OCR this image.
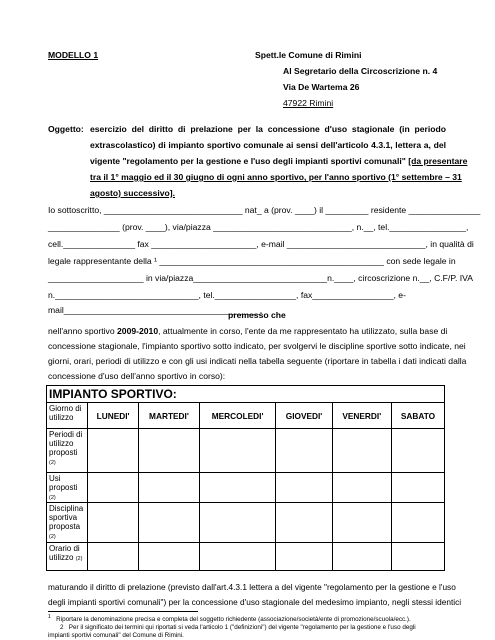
MODELLO 1	Spett.le Comune di Rimini
Al Segretario della Circoscrizione n. 4
Via De Wartema 26
47922 Rimini
Oggetto: esercizio del diritto di prelazione per la concessione d'uso stagionale (in periodo
extrascolastico) di impianto sportivo comunale ai sensi dell'articolo 4.3.1, lettera a, del
vigente "regolamento per la gestione e l'uso degli impianti sportivi comunali" [da presentare
tra il 1° maggio ed il 30 giugno di ogni anno sportivo, per l'anno sportivo (1° settembre – 31
agosto) successivo].
Io sottoscritto, _____________________________ nat_ a (prov. ____) il _________ residente _______________
_______________ (prov. ____), via/piazza _____________________________, n.__, tel.________________,
cell._______________ fax ______________________, e-mail _____________________________, in qualità di
legale rappresentante della ¹ _______________________________________________ con sede legale in
____________________ in via/piazza____________________________n.____, circoscrizione n.__, C.F/P. IVA
n.______________________________, tel._________________, fax_________________, e-
mail_________________________________________,
premesso che
nell'anno sportivo 2009-2010, attualmente in corso, l'ente da me rappresentato ha utilizzato, sulla base di
concessione stagionale, l'impianto sportivo sotto indicato, per svolgervi le discipline sportive sotto indicate, nei
giorni, orari, periodi di utilizzo e con gli usi indicati nella tabella seguente (riportare in tabella i dati indicati dalla
concessione d'uso dell'anno sportivo in corso):
IMPIANTO SPORTIVO:						
Giorno di utilizzo	LUNEDI'	MARTEDI'	MERCOLEDI'	GIOVEDI'	VENERDI'	SABATO
Periodi di utilizzo proposti (2)						
Usi proposti
(2)						
Disciplina sportiva proposta (2)						
Orario di utilizzo (2)						
maturando il diritto di prelazione (previsto dall'art.4.3.1 lettera a del vigente "regolamento per la gestione e l'uso
degli impianti sportivi comunali") per la concessione d'uso stagionale del medesimo impianto, negli stessi identici
$^1$ Riportare la denominazione precisa e completa del soggetto richiedente (associazione/società/ente di promozione/scuola/ecc.).
2 Per il significato dei termini qui riportati si veda l'articolo 1 ("definizioni") del vigente "regolamento per la gestione e l'uso degli
impianti sportivi comunali" del Comune di Rimini.
